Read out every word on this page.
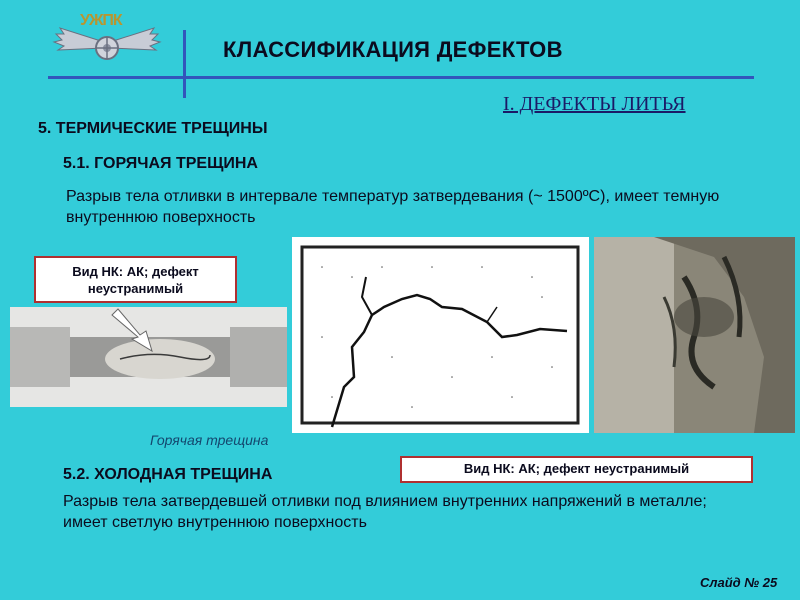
УЖПК
КЛАССИФИКАЦИЯ ДЕФЕКТОВ
I. ДЕФЕКТЫ ЛИТЬЯ
5. ТЕРМИЧЕСКИЕ ТРЕЩИНЫ
5.1. ГОРЯЧАЯ ТРЕЩИНА
Разрыв тела отливки в интервале температур затвердевания (~ 1500ºС), имеет темную внутреннюю поверхность
Вид НК: АК; дефект неустранимый
Горячая трещина
5.2. ХОЛОДНАЯ ТРЕЩИНА	Вид НК: АК; дефект неустранимый
Разрыв тела затвердевшей отливки под влиянием внутренних напряжений в металле; имеет светлую внутреннюю поверхность
Слайд № 25
